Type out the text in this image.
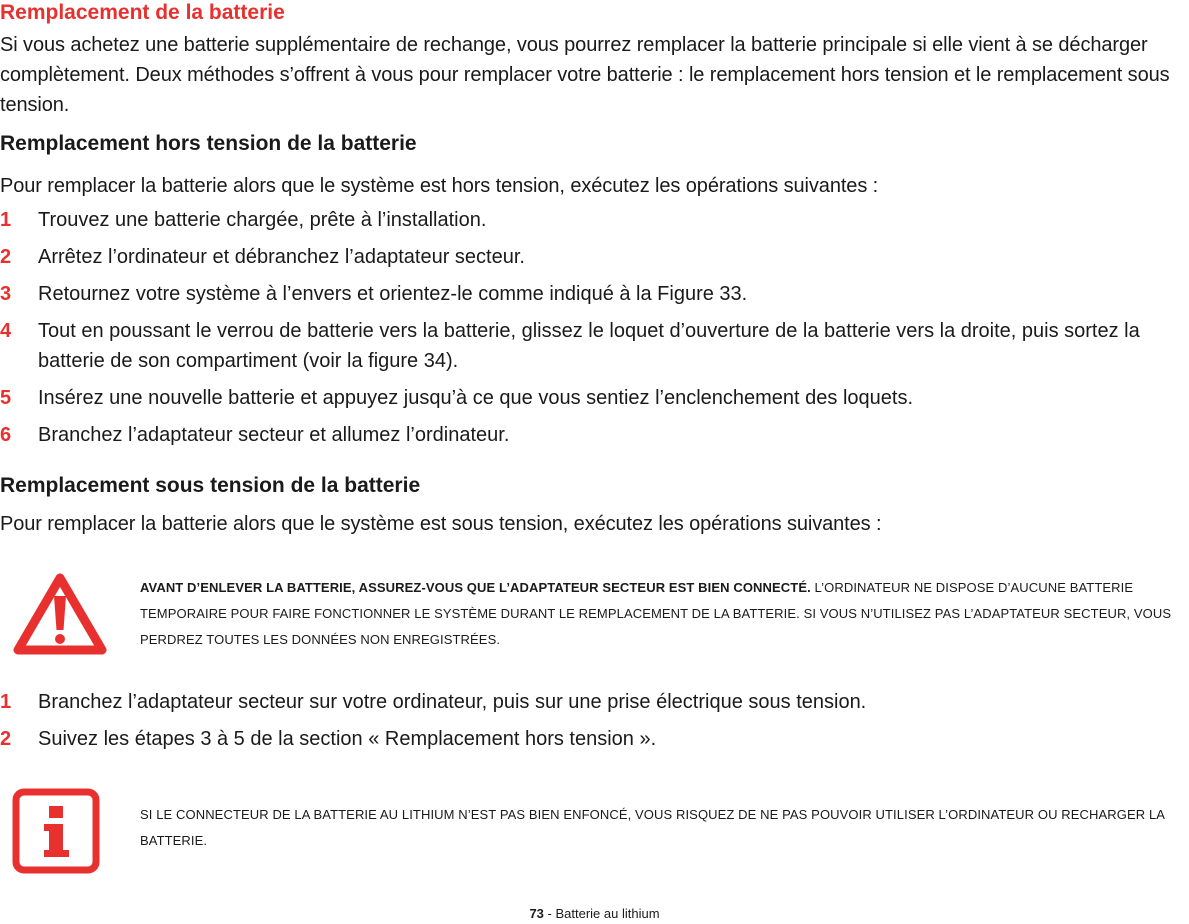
Remplacement de la batterie
Si vous achetez une batterie supplémentaire de rechange, vous pourrez remplacer la batterie principale si elle vient à se décharger complètement. Deux méthodes s’offrent à vous pour remplacer votre batterie : le remplacement hors tension et le remplacement sous tension.
Remplacement hors tension de la batterie
Pour remplacer la batterie alors que le système est hors tension, exécutez les opérations suivantes :
1	Trouvez une batterie chargée, prête à l’installation.
2	Arrêtez l’ordinateur et débranchez l’adaptateur secteur.
3	Retournez votre système à l’envers et orientez-le comme indiqué à la Figure 33.
4	Tout en poussant le verrou de batterie vers la batterie, glissez le loquet d’ouverture de la batterie vers la droite, puis sortez la batterie de son compartiment (voir la figure 34).
5	Insérez une nouvelle batterie et appuyez jusqu’à ce que vous sentiez l’enclenchement des loquets.
6	Branchez l’adaptateur secteur et allumez l’ordinateur.
Remplacement sous tension de la batterie
Pour remplacer la batterie alors que le système est sous tension, exécutez les opérations suivantes :
AVANT D’ENLEVER LA BATTERIE, ASSUREZ-VOUS QUE L’ADAPTATEUR SECTEUR EST BIEN CONNECTÉ. L’ORDINATEUR NE DISPOSE D’AUCUNE BATTERIE TEMPORAIRE POUR FAIRE FONCTIONNER LE SYSTÈME DURANT LE REMPLACEMENT DE LA BATTERIE. SI VOUS N’UTILISEZ PAS L’ADAPTATEUR SECTEUR, VOUS PERDREZ TOUTES LES DONNÉES NON ENREGISTRÉES.
1	Branchez l’adaptateur secteur sur votre ordinateur, puis sur une prise électrique sous tension.
2	Suivez les étapes 3 à 5 de la section « Remplacement hors tension ».
SI LE CONNECTEUR DE LA BATTERIE AU LITHIUM N’EST PAS BIEN ENFONCÉ, VOUS RISQUEZ DE NE PAS POUVOIR UTILISER L’ORDINATEUR OU RECHARGER LA BATTERIE.
73 - Batterie au lithium
